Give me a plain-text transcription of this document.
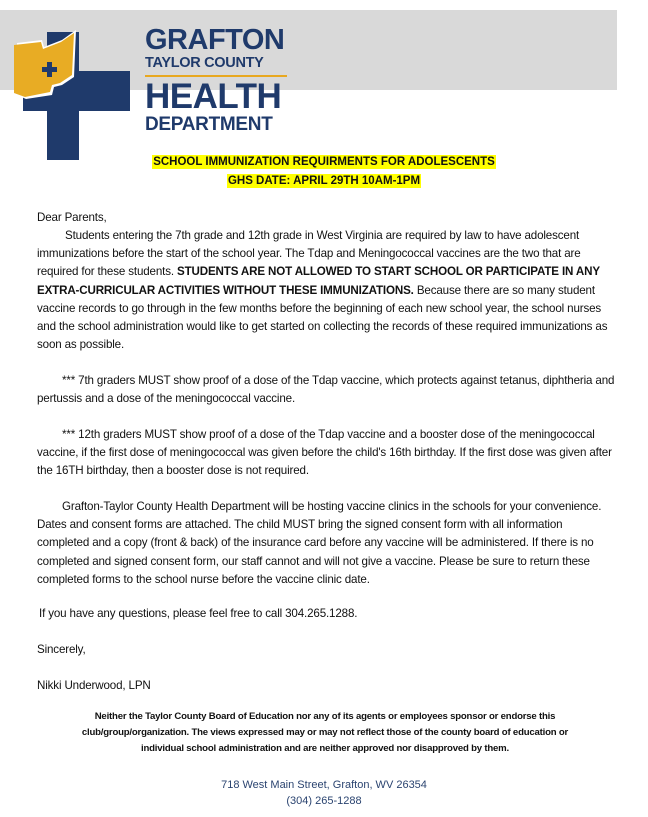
GRAFTON
TAYLOR COUNTY
HEALTH
DEPARTMENT
SCHOOL IMMUNIZATION REQUIRMENTS FOR ADOLESCENTS
GHS DATE: APRIL 29TH 10AM-1PM
Dear Parents,
Students entering the 7th grade and 12th grade in West Virginia are required by law to have adolescent immunizations before the start of the school year. The Tdap and Meningococcal vaccines are the two that are required for these students. STUDENTS ARE NOT ALLOWED TO START SCHOOL OR PARTICIPATE IN ANY EXTRA-CURRICULAR ACTIVITIES WITHOUT THESE IMMUNIZATIONS. Because there are so many student vaccine records to go through in the few months before the beginning of each new school year, the school nurses and the school administration would like to get started on collecting the records of these required immunizations as soon as possible.
*** 7th graders MUST show proof of a dose of the Tdap vaccine, which protects against tetanus, diphtheria and pertussis and a dose of the meningococcal vaccine.
*** 12th graders MUST show proof of a dose of the Tdap vaccine and a booster dose of the meningococcal vaccine, if the first dose of meningococcal was given before the child's 16th birthday. If the first dose was given after the 16TH birthday, then a booster dose is not required.
Grafton-Taylor County Health Department will be hosting vaccine clinics in the schools for your convenience. Dates and consent forms are attached. The child MUST bring the signed consent form with all information completed and a copy (front & back) of the insurance card before any vaccine will be administered. If there is no completed and signed consent form, our staff cannot and will not give a vaccine. Please be sure to return these completed forms to the school nurse before the vaccine clinic date.
If you have any questions, please feel free to call 304.265.1288.
Sincerely,
Nikki Underwood, LPN
Neither the Taylor County Board of Education nor any of its agents or employees sponsor or endorse this club/group/organization. The views expressed may or may not reflect those of the county board of education or individual school administration and are neither approved nor disapproved by them.
718 West Main Street, Grafton, WV 26354
(304) 265-1288
